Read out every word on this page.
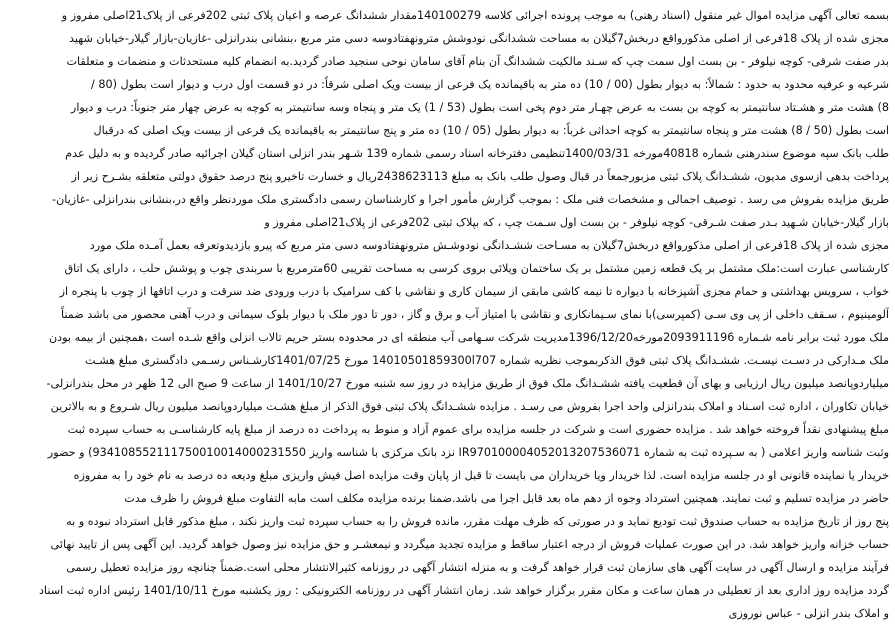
بسمه تعالی آگهی مزایده اموال غیر منقول (اسناد رهنی) به موجب پرونده اجرائی کلاسه 140100279مقدار ششدانگ عرصه و اعیان پلاک ثبتی 202فرعی از پلاک21اصلی مفروز و
مجزی شده از پلاک 18فرعی از اصلی مذکورواقع دربخش7گیلان به مساحت ششدانگی نودوشش مترونهفتادوسه دسی متر مربع ،بنشانی بندرانزلی -غازیان-بازار گیلار-خیابان شهید
بدر صفت شرقی- کوچه نیلوفر - بن بست اول سمت چپ که سـند مالکیت ششدانگ آن بنام آقای سامان نوحی سنجید صادر گردید.به انضمام کلیه مستحدثات و منضمات و متعلقات
شرعیه و عرفیه محدود به حدود : شمالاً: به دیوار بطول (00 / 10) ده متر به باقیمانده یک فرعی از بیست ویک اصلی شرقاً: در دو قسمت اول درب و دیوار است بطول (80 /
8) هشت متر و هشـتاد سانتیمتر به کوچه بن بست به عرض چهـار متر دوم پخی است بطول (53 / 1) یک متر و پنجاه وسه سانتیمتر به کوچه به عرض چهار متر جنوباً: درب و دیوار
است بطول (50 / 8) هشت متر و پنجاه سانتیمتر به کوچه احداثی غرباً: به دیوار بطول (05 / 10) ده متر و پنج سانتیمتر به باقیمانده یک فرعی از بیست ویک اصلی که درقبال
طلب بانک سپه موضوع سندرهنی شماره 40818مورخه 1400/03/31تنظیمی دفترخانه اسناد رسمی شماره 139 شـهر بندر انزلی استان گیلان اجرائیه صادر گردیده و به دلیل عدم
پرداخت بدهی ازسوی مدیون، ششـدانگ پلاک ثبتی مزبورجمعاً در قبال وصول طلب بانک به مبلغ 2438623113ریال و خسارت تاخیرو پنج درصد حقوق دولتی متعلقه بشـرح زیر از
طریق مزایده بفروش می رسد . توصیف اجمالی و مشخصات فنی ملک : بموجب گزارش مأمور اجرا و کارشناسان رسمی دادگستری ملک موردنظر واقع در،بنشانی بندرانزلی -غازیان-
بازار گیلار-خیابان شـهید بـدر صفت شـرقی- کوچه نیلوفر - بن بست اول سـمت چپ ، که بپلاک ثبتی 202فرعی از پلاک21اصلی مفروز و
مجزی شده از پلاک 18فرعی از اصلی مذکورواقع دربخش7گیلان به مسـاحت ششـدانگی نودوشـش مترونهفتادوسه دسی متر مربع که پیرو بازدیدوتعرفه بعمل آمـده ملک مورد
کارشناسی عبارت است:ملک مشتمل بر یک قطعه زمین مشتمل بر یک ساختمان ویلائی بروی کرسی به مساحت تقریبی 60مترمربع با سربندی چوب و پوشش حلب ، دارای یک اتاق
خواب ، سرویس بهداشتی و حمام مجزی آشپزخانه با دیواره تا نیمه کاشی مابقی از سیمان کاری و نقاشی با کف سرامیک با درب ورودی ضد سرقت و درب اتاقها از چوب با پنجره از
آلومینیوم ، سـقف داخلی از پی وی سـی (کمپرسی)با نمای سـیمانکاری و نقاشی با امتیاز آب و برق و گاز ، دور تا دور ملک با دیوار بلوک سیمانی و درب آهنی محصور می باشد ضمناً
ملک مورد ثبت برابر نامه شـماره 2093911196مورخه1396/12/20مدیریت شرکت سـهامی آب منطقه ای در محدوده بستر حریم تالاب انزلی واقع شـده است ،همچنین از بیمه بودن
ملک مـدارکی در دسـت نیسـت. ششـدانگ پلاک ثبتی فوق الذکربموجب نظریه شماره 14010501859300l707 مورخ 1401/07/25کارشـناس رسـمی دادگستری مبلغ هشـت
میلیاردوپانصد میلیون ریال ارزیابی و بهای آن قطعیت یافته ششـدانگ ملک فوق از طریق مزایده در روز سه شنبه مورخ 1401/10/27 از ساعت 9 صبح الی 12 ظهر در محل بندرانزلی-
خیابان تکاوران ، اداره ثبت اسـناد و املاک بندرانزلی واحد اجرا بفروش می رسـد . مزایده ششـدانگ پلاک ثبتی فوق الذکر از مبلغ هشـت میلیاردوپانصد میلیون ریال شـروع و به بالاترین
مبلغ پیشنهادی نقداً فروخته خواهد شد . مزایده حضوری است و شرکت در جلسه مزایده برای عموم آزاد و منوط به پرداخت ده درصد از مبلغ پایه کارشناسـی به حساب سپرده ثبت
وثبت شناسه واریز اعلامی ( به سـپرده ثبت به شماره IR970100004052013207536071 نزد بانک مرکزی با شناسه واریز 934108552111750010014000231550) و حضور
خریدار یا نماینده قانونی او در جلسه مزایده است. لذا خریدار ویا خریداران می بایست تا قبل از پایان وقت مزایده اصل فیش واریزی مبلغ ودیعه ده درصد به نام خود را به مفروزه
حاضر در مزایده تسلیم و ثبت نمایند. همچنین استرداد وجوه از دهم ماه بعد قابل اجرا می باشد.ضمنا برنده مزایده مکلف است مابه التفاوت مبلغ فروش را ظرف مدت
پنج روز از تاریخ مزایده به حساب صندوق ثبت تودیع نماید و در صورتی که ظرف مهلت مقرر، مانده فروش را به حساب سپرده ثبت واریز نکند ، مبلغ مذکور قابل استرداد نبوده و به
حساب خزانه واریز خواهد شد. در این صورت عملیات فروش از درجه اعتبار ساقط و مزایده تجدید میگردد و نیمعشـر و حق مزایده نیز وصول خواهد گردید. این آگهی پس از تایید نهائی
فرآیند مزایده و ارسال آگهی در سایت آگهی های سازمان ثبت قرار خواهد گرفت و به منزله انتشار آگهی در روزنامه کثیرالانتشار محلی است.ضمناً چنانچه روز مزایده تعطیل رسمی
گردد مزایده روز اداری بعد از تعطیلی در همان ساعت و مکان مقرر برگزار خواهد شد. زمان انتشار آگهی در روزنامه الکترونیکی : روز یکشنبه مورخ 1401/10/11 رئیس اداره ثبت اسناد
و املاک بندر انزلی - عباس نوروزی
